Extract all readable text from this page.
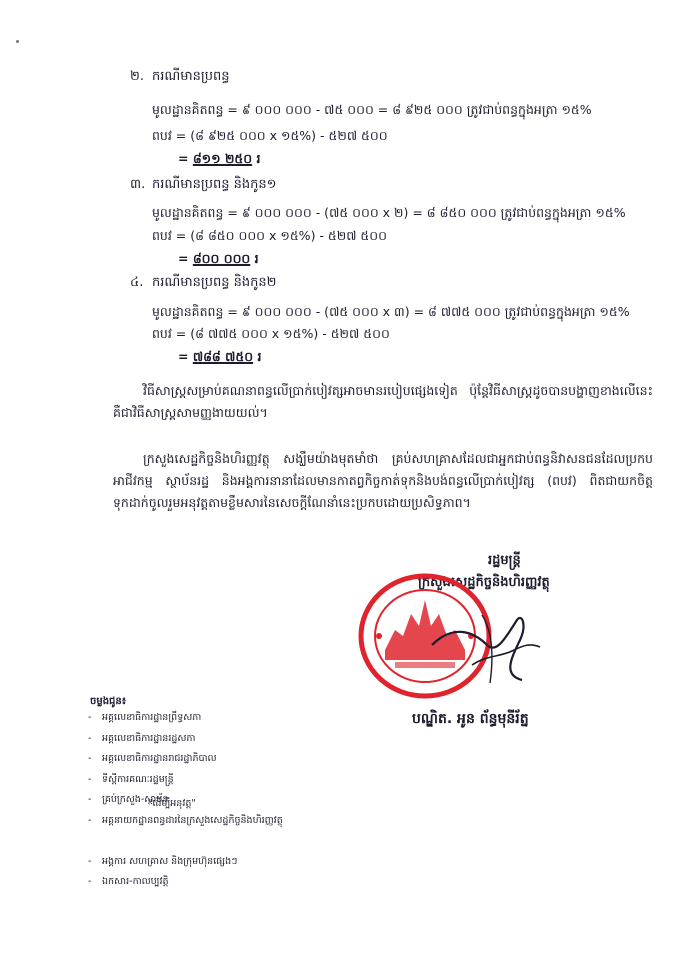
២. ករណីមានប្រពន្ធ
មូលដ្ឋានគិតពន្ធ = ៩ ០០០ ០០០ - ៧៥ ០០០ = ៨ ៩២៥ ០០០ ត្រូវជាប់ពន្ធក្នុងអត្រា ១៥%
ពបវ = (៨ ៩២៥ ០០០ x ១៥%) - ៥២៧ ៥០០
= ៨១១ ២៥០ រ
៣. ករណីមានប្រពន្ធ និងកូន១
មូលដ្ឋានគិតពន្ធ = ៩ ០០០ ០០០ - (៧៥ ០០០ x ២) = ៨ ៨៥០ ០០០ ត្រូវជាប់ពន្ធក្នុងអត្រា ១៥%
ពបវ = (៨ ៨៥០ ០០០ x ១៥%) - ៥២៧ ៥០០
= ៨០០ ០០០ រ
៤. ករណីមានប្រពន្ធ និងកូន២
មូលដ្ឋានគិតពន្ធ = ៩ ០០០ ០០០ - (៧៥ ០០០ x ៣) = ៨ ៧៧៥ ០០០ ត្រូវជាប់ពន្ធក្នុងអត្រា ១៥%
ពបវ = (៨ ៧៧៥ ០០០ x ១៥%) - ៥២៧ ៥០០
= ៧៨៨ ៧៥០ រ
វិធីសាស្ត្រសម្រាប់គណនាពន្ធលើប្រាក់បៀវត្សអាចមានរបៀបផ្សេងទៀត ប៉ុន្តែវិធីសាស្ត្រដូចបានបង្ហាញខាងលើនេះគឺជាវិធីសាស្ត្រសាមញ្ញងាយយល់។
ក្រសួងសេដ្ឋកិច្ចនិងហិរញ្ញវត្ថុ សង្ឃឹមយ៉ាងមុតមាំថា គ្រប់សហគ្រាសដែលជាអ្នកជាប់ពន្ធនិវាសនជនដែលប្រកបអាជីវកម្ម ស្ថាប័នរដ្ឋ និងអង្គការនានាដែលមានកាតព្វកិច្ចកាត់ទុកនិងបង់ពន្ធលើប្រាក់បៀវត្ស (ពបវ) ពិតជាយកចិត្តទុកដាក់ចូលរួមអនុវត្តតាមខ្លឹមសារនៃសេចក្តីណែនាំនេះប្រកបដោយប្រសិទ្ធភាព។
រដ្ឋមន្ត្រី
ក្រសួងសេដ្ឋកិច្ចនិងហិរញ្ញវត្ថុ
បណ្ឌិត. អូន ព័ន្ធមុនីរ័ត្ន
ចម្លងជូន៖
- អគ្គលេខាធិការដ្ឋានព្រឹទ្ធសភា
- អគ្គលេខាធិការដ្ឋានរដ្ឋសភា
- អគ្គលេខាធិការដ្ឋានរាជរដ្ឋាភិបាល
- ទីស្តីការគណៈរដ្ឋមន្ត្រី
- គ្រប់ក្រសួង-ស្ថាប័ន
- អគ្គនាយកដ្ឋានពន្ធដារនៃក្រសួងសេដ្ឋកិច្ចនិងហិរញ្ញវត្ថុ

- អង្គការ សហគ្រាស និងក្រុមហ៊ុនផ្សេងៗ
- ឯកសារ-កាលប្បវត្តិ
"ដើម្បីអនុវត្ត"
